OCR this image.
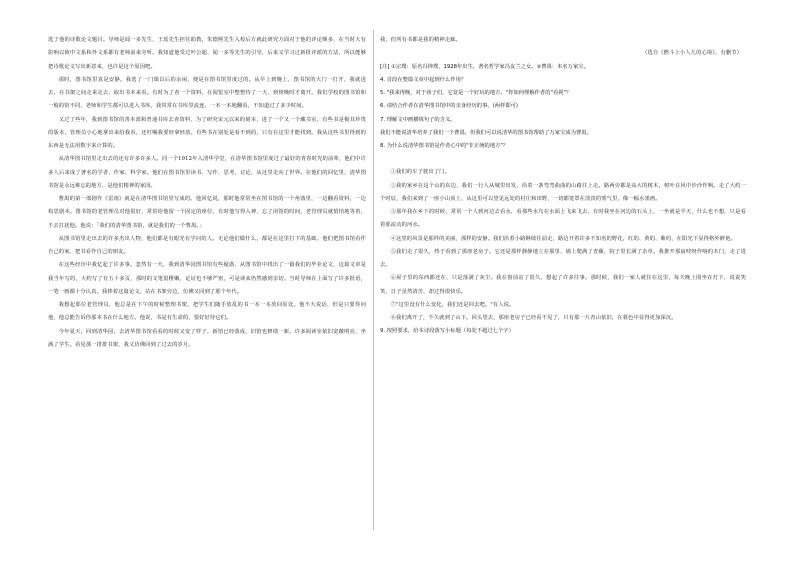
选了他的诗歌论文题目。导师是闻一多先生，王瑶先生担任助教，朱德熙先生入校后方就此研究方面对于他的评论颇多，在当时大有影响以致中文系和外文系都有老师前来旁听。我知道他受过叶公超、闻一多等先生的引导，后来又学习过新批评派的方法，所以能够把诗歌论文写出新意来，也许是这个原因吧。

那时，图书馆里真是安静。我选了一门课以后的余闲，便是在图书馆里度过的。从早上到晚上，图书馆的大门一打开，我就进去，在书架之间走来走去，取出书本来看。有时为了查一个资料，在阅览室中整整待了一天，到傍晚时才离开。我们学校的图书馆和一般的馆不同，老师和学生都可以进入书库。我常常在书库里流连，一本一本地翻看，不知道过了多少时间。

又过了些年，我到图书馆的善本部和普通书库去查资料，为了研究宋元以来的刻本，进了一个又一个藏书室。有些书是极其珍贵的版本，管理员小心地拿出来给我看，还叮嘱我要轻拿轻放。有些书在别处是看不到的，只有在这里才能找到。我从这些书里得到的东西是无法用数字来计算的。

从清华图书馆里走出去的还有许多许多人。同一个1912年入清华学堂，在清华图书馆里度过了最好的青春时光的前辈，他们中许多人后来成了著名的学者、作家、科学家。他们在图书馆里读书、写作、思考、讨论，从这里走向了世界。在他们的回忆里，清华图书馆是永远难忘的地方，是他们精神的家园。

曹禺的第一部剧作《雷雨》就是在清华图书馆里写成的。他回忆说，那时他常常坐在图书馆的一个角落里，一边翻看资料，一边构思剧本。图书馆的老管理员对他很好，常常给他留一个固定的座位。有时他写得入神，忘了闭馆的时间，老管理员就悄悄地等着，不去打扰他。他说：「我们的清华图书馆，就是我们的一个曹禺。」

从图书馆里走出去的许多杰出人物，他们都是有眼光有学问的人。无论他们做什么，都是在这里打下的基础。他们把图书馆看作自己的家，把书看作自己的朋友。

在这些经历中我忆起了许多事。忽然有一天，我到清华园图书馆有些疑惑，从图书馆中找出了一篇我们的毕业论文，这篇文章是我当年写的，大约写了有五十多页，那时的文笔很稚嫩，论证也不够严密，可是读来仍然感到亲切。当时导师在上面写了许多批语，一笔一画都十分认真。我捧着这篇论文，站在书架旁边，仿佛又回到了那个年代。

我想起那位老管理员，他总是在下午的时候整理书架，把学生们随手放乱的书一本一本放回原处。他不大说话，但是只要你问他，他总能告诉你那本书在什么地方。他说，书是有生命的，要好好待它们。

今年夏天，回到清华园，去清华图书馆看看的时候又变了样子。新馆已经落成，旧馆也修缮一新。许多阅读室依旧宽敞明亮，坐满了学生。看见那一排排书架，我又仿佛回到了过去的岁月。

我，但所有书都是我的精神走廊。

（选自《燃斗上小人儿的心境》，有删节）

[注] ①宗璞：原名冯钟璞，1928年出生，著名哲学家冯友兰之女。②曹禺：本名万家宝。

4. 首段在整篇文章中起到什么作用？

5. "我来得晚，对于孩子们，它竟是一个好玩的地方。"你如何理解作者的"看视"？

6. 请结合作者在清华图书馆中的亲身经历的事。(两样即可)

7. 理解文中画横线句子的含义。

我们不能说清华培养了我们一个曹禺，但我们可以说清华的图书馆帮助了万家宝成为曹禺。

8. 为什么说清华图书馆是作者心中的"非正统的地方"？

①我们的车子驶出了门。

②我的家乡在这个山的东边，我们一行人从城里出发，沿着一条弯弯曲曲的山路往上走。路两旁都是高大的树木，树叶在风中沙沙作响。走了大约一个时辰，我们来到了一座小山顶上，从这里可以望见远处的村庄和田野，一切都笼罩在淡淡的雾气里，像一幅水墨画。

③那年我在乡下的时候，常常一个人到河边去看水，看那些水鸟在水面上飞来飞去。有时我坐在河边的石头上，一坐就是半天，什么也不想，只是看着那流动的河水。

④这里的风景是那样的美丽，那样的安静。我们沿着小路继续往前走，路边开着许多不知名的野花，红的、黄的、紫的，在阳光下显得格外鲜艳。

⑤我们走了很久，终于看到了那座老房子。它还是那样静静地立在那里，墙上爬满了青藤，院子里长满了杂草。我推开那扇吱呀作响的木门，走了进去。

⑥屋子里的东西都还在，只是落满了灰尘。我在窗前站了很久，想起了许多往事。那时候，我们一家人就住在这里，每天晚上围坐在灯下，说说笑笑，日子虽然清苦，却过得很快乐。

⑦"这里没有什么变化，我们还是回去吧。"有人说。

⑧我们离开了，不久就到了山下。回头望去，那座老房子已经看不见了，只有那一片青山依旧，在暮色中显得更加深沉。

9. 按照要求，给本诗段落写小标题（每处不超过七个字）
